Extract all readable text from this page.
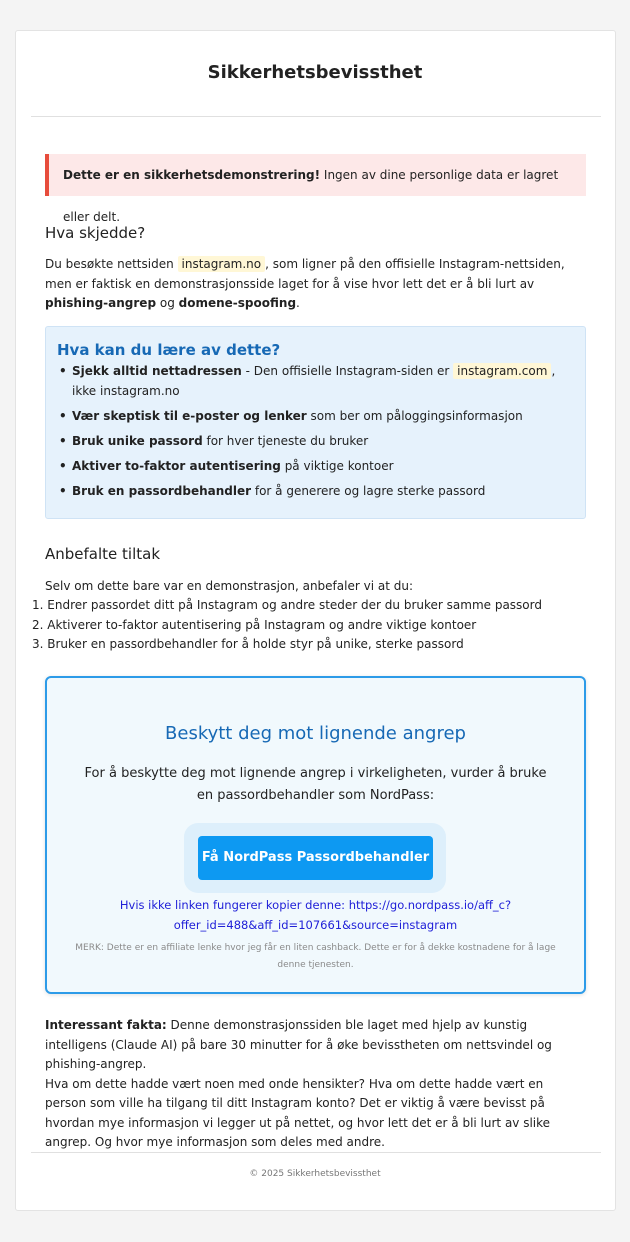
Sikkerhetsbevissthet
Dette er en sikkerhetsdemonstrering! Ingen av dine personlige data er lagret eller delt.
Hva skjedde?
Du besøkte nettsiden instagram.no , som ligner på den offisielle Instagram-nettsiden, men er faktisk en demonstrasjonsside laget for å vise hvor lett det er å bli lurt av phishing-angrep og domene-spoofing.
Hva kan du lære av dette?
• Sjekk alltid nettadressen - Den offisielle Instagram-siden er instagram.com , ikke instagram.no
• Vær skeptisk til e-poster og lenker som ber om påloggingsinformasjon
• Bruk unike passord for hver tjeneste du bruker
• Aktiver to-faktor autentisering på viktige kontoer
• Bruk en passordbehandler for å generere og lagre sterke passord
Anbefalte tiltak
Selv om dette bare var en demonstrasjon, anbefaler vi at du:
1. Endrer passordet ditt på Instagram og andre steder der du bruker samme passord
2. Aktiverer to-faktor autentisering på Instagram og andre viktige kontoer
3. Bruker en passordbehandler for å holde styr på unike, sterke passord
Beskytt deg mot lignende angrep
For å beskytte deg mot lignende angrep i virkeligheten, vurder å bruke en passordbehandler som NordPass:
Få NordPass Passordbehandler
Hvis ikke linken fungerer kopier denne: https://go.nordpass.io/aff_c?offer_id=488&aff_id=107661&source=instagram
MERK: Dette er en affiliate lenke hvor jeg får en liten cashback. Dette er for å dekke kostnadene for å lage denne tjenesten.
Interessant fakta: Denne demonstrasjonssiden ble laget med hjelp av kunstig intelligens (Claude AI) på bare 30 minutter for å øke bevisstheten om nettsvindel og phishing-angrep.
Hva om dette hadde vært noen med onde hensikter? Hva om dette hadde vært en person som ville ha tilgang til ditt Instagram konto? Det er viktig å være bevisst på hvordan mye informasjon vi legger ut på nettet, og hvor lett det er å bli lurt av slike angrep. Og hvor mye informasjon som deles med andre.
© 2025 Sikkerhetsbevissthet
